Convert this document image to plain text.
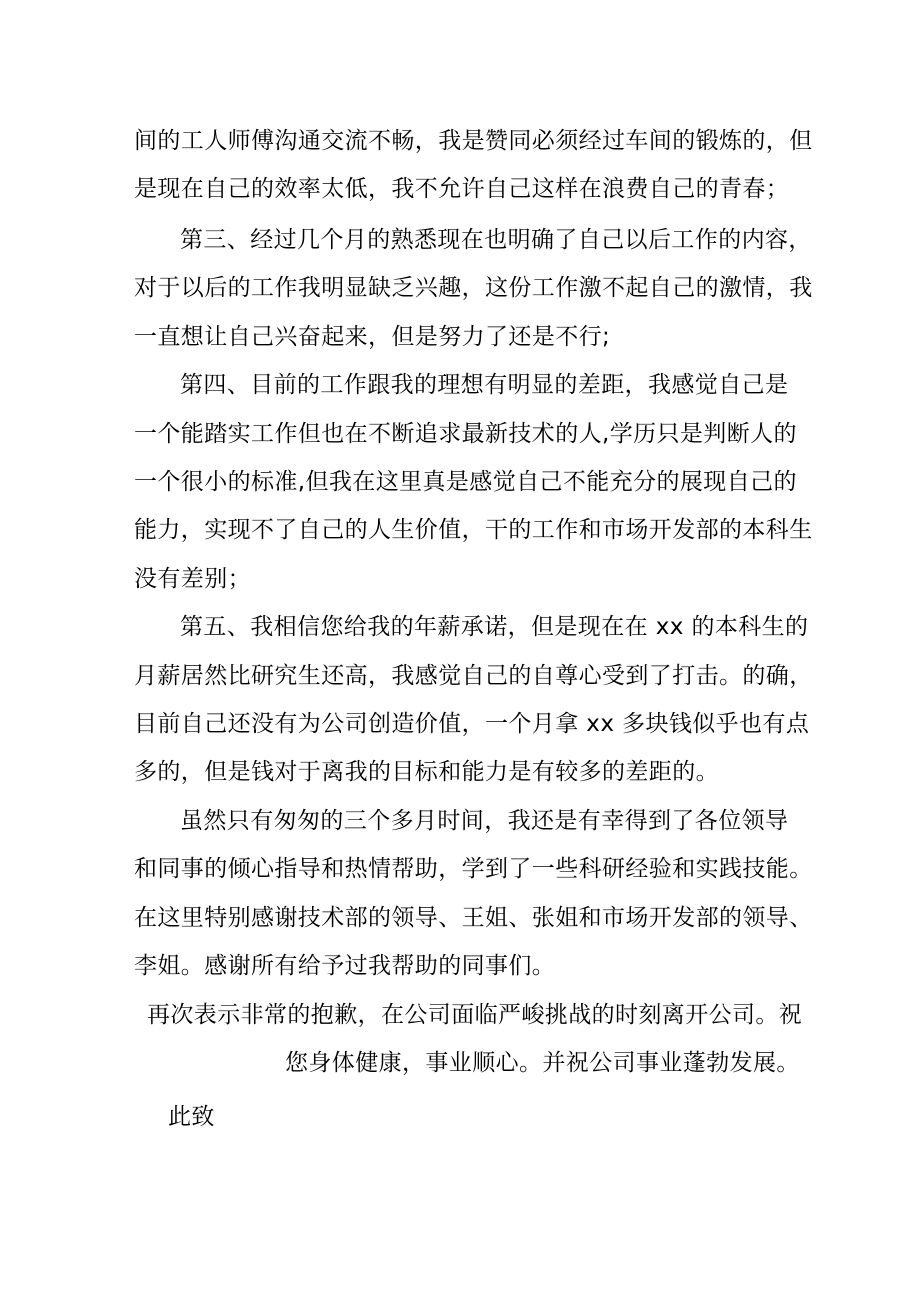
间的工人师傅沟通交流不畅，我是赞同必须经过车间的锻炼的，但
是现在自己的效率太低，我不允许自己这样在浪费自己的青春；
第三、经过几个月的熟悉现在也明确了自己以后工作的内容，
对于以后的工作我明显缺乏兴趣，这份工作激不起自己的激情，我
一直想让自己兴奋起来，但是努力了还是不行;
第四、目前的工作跟我的理想有明显的差距，我感觉自己是
一个能踏实工作但也在不断追求最新技术的人,学历只是判断人的
一个很小的标准,但我在这里真是感觉自己不能充分的展现自己的
能力，实现不了自己的人生价值，干的工作和市场开发部的本科生
没有差别；
第五、我相信您给我的年薪承诺，但是现在在 xx 的本科生的
月薪居然比研究生还高，我感觉自己的自尊心受到了打击。的确，
目前自己还没有为公司创造价值，一个月拿 xx 多块钱似乎也有点
多的，但是钱对于离我的目标和能力是有较多的差距的。
虽然只有匆匆的三个多月时间，我还是有幸得到了各位领导
和同事的倾心指导和热情帮助，学到了一些科研经验和实践技能。
在这里特别感谢技术部的领导、王姐、张姐和市场开发部的领导、
李姐。感谢所有给予过我帮助的同事们。
再次表示非常的抱歉，在公司面临严峻挑战的时刻离开公司。祝
您身体健康，事业顺心。并祝公司事业蓬勃发展。
此致
